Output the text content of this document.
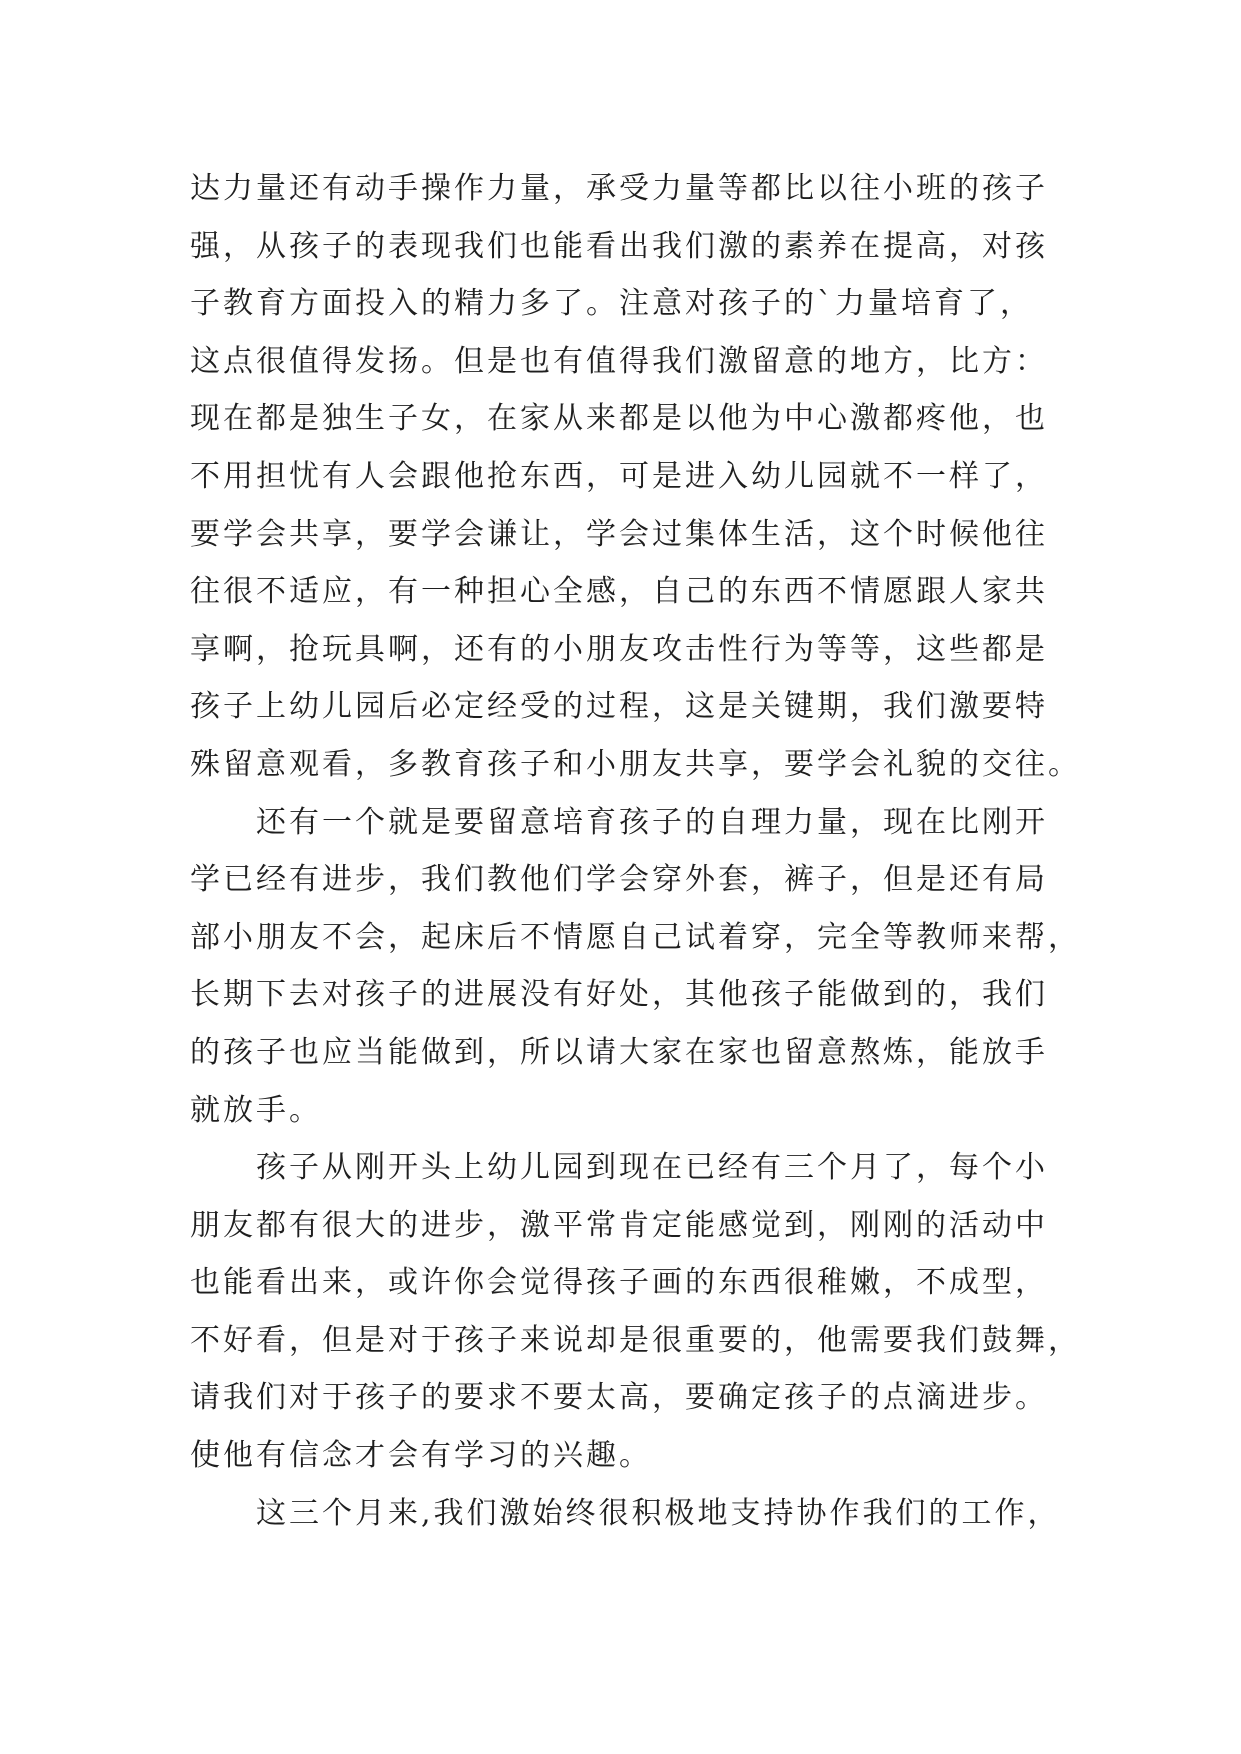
达力量还有动手操作力量，承受力量等都比以往小班的孩子
强，从孩子的表现我们也能看出我们激的素养在提高，对孩
子教育方面投入的精力多了。注意对孩子的`力量培育了，
这点很值得发扬。但是也有值得我们激留意的地方，比方：
现在都是独生子女，在家从来都是以他为中心激都疼他，也
不用担忧有人会跟他抢东西，可是进入幼儿园就不一样了，
要学会共享，要学会谦让，学会过集体生活，这个时候他往
往很不适应，有一种担心全感，自己的东西不情愿跟人家共
享啊，抢玩具啊，还有的小朋友攻击性行为等等，这些都是
孩子上幼儿园后必定经受的过程，这是关键期，我们激要特
殊留意观看，多教育孩子和小朋友共享，要学会礼貌的交往。
　　还有一个就是要留意培育孩子的自理力量，现在比刚开
学已经有进步，我们教他们学会穿外套，裤子，但是还有局
部小朋友不会，起床后不情愿自己试着穿，完全等教师来帮，
长期下去对孩子的进展没有好处，其他孩子能做到的，我们
的孩子也应当能做到，所以请大家在家也留意熬炼，能放手
就放手。
　　孩子从刚开头上幼儿园到现在已经有三个月了，每个小
朋友都有很大的进步，激平常肯定能感觉到，刚刚的活动中
也能看出来，或许你会觉得孩子画的东西很稚嫩，不成型，
不好看，但是对于孩子来说却是很重要的，他需要我们鼓舞，
请我们对于孩子的要求不要太高，要确定孩子的点滴进步。
使他有信念才会有学习的兴趣。
　　这三个月来,我们激始终很积极地支持协作我们的工作，
